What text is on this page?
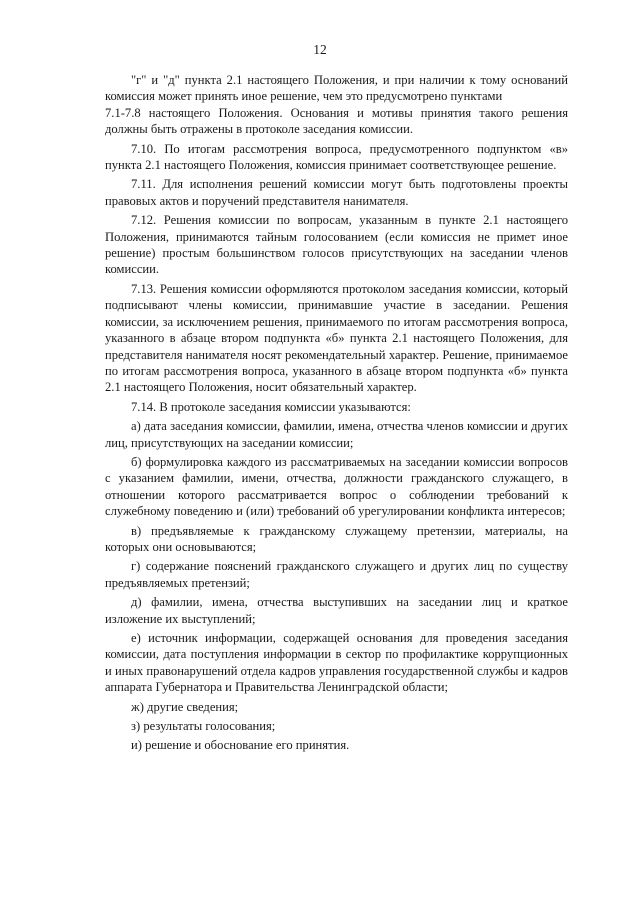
12

"г" и "д" пункта 2.1 настоящего Положения, и при наличии к тому оснований комиссия может принять иное решение, чем это предусмотрено пунктами

7.1-7.8 настоящего Положения. Основания и мотивы принятия такого решения должны быть отражены в протоколе заседания комиссии.

7.10. По итогам рассмотрения вопроса, предусмотренного подпунктом «в» пункта 2.1 настоящего Положения, комиссия принимает соответствующее решение.

7.11. Для исполнения решений комиссии могут быть подготовлены проекты правовых актов и поручений представителя нанимателя.

7.12. Решения комиссии по вопросам, указанным в пункте 2.1 настоящего Положения, принимаются тайным голосованием (если комиссия не примет иное решение) простым большинством голосов присутствующих на заседании членов комиссии.

7.13. Решения комиссии оформляются протоколом заседания комиссии, который подписывают члены комиссии, принимавшие участие в заседании. Решения комиссии, за исключением решения, принимаемого по итогам рассмотрения вопроса, указанного в абзаце втором подпункта «б» пункта 2.1 настоящего Положения, для представителя нанимателя носят рекомендательный характер. Решение, принимаемое по итогам рассмотрения вопроса, указанного в абзаце втором подпункта «б» пункта 2.1 настоящего Положения, носит обязательный характер.

7.14. В протоколе заседания комиссии указываются:

а) дата заседания комиссии, фамилии, имена, отчества членов комиссии и других лиц, присутствующих на заседании комиссии;

б) формулировка каждого из рассматриваемых на заседании комиссии вопросов с указанием фамилии, имени, отчества, должности гражданского служащего, в отношении которого рассматривается вопрос о соблюдении требований к служебному поведению и (или) требований об урегулировании конфликта интересов;

в) предъявляемые к гражданскому служащему претензии, материалы, на которых они основываются;

г) содержание пояснений гражданского служащего и других лиц по существу предъявляемых претензий;

д) фамилии, имена, отчества выступивших на заседании лиц и краткое изложение их выступлений;

е) источник информации, содержащей основания для проведения заседания комиссии, дата поступления информации в сектор по профилактике коррупционных и иных правонарушений отдела кадров управления государственной службы и кадров аппарата Губернатора и Правительства Ленинградской области;

ж) другие сведения;

з) результаты голосования;

и) решение и обоснование его принятия.
